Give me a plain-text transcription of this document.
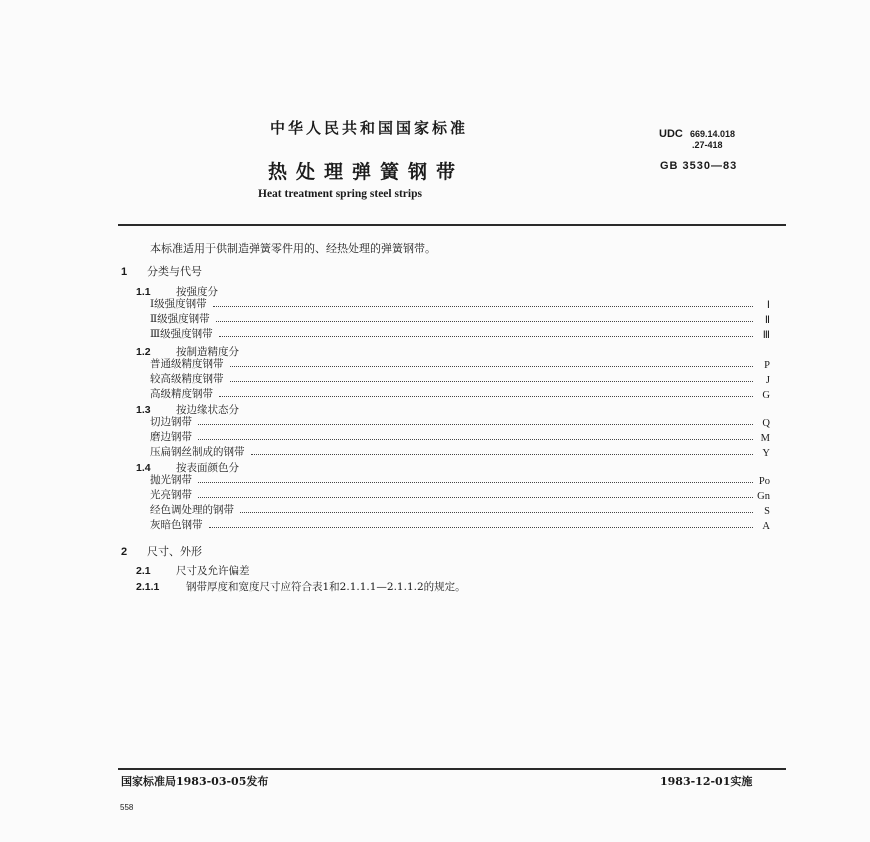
中华人民共和国国家标准
热处理弹簧钢带
Heat treatment spring steel strips
UDC 669.14.018
.27-418
GB 3530—83
本标准适用于供制造弹簧零件用的、经热处理的弹簧钢带。
1 分类与代号
1.1 按强度分
Ⅰ级强度钢带	Ⅰ
Ⅱ级强度钢带	Ⅱ
Ⅲ级强度钢带	Ⅲ
1.2 按制造精度分
普通级精度钢带	P
较高级精度钢带	J
高级精度钢带	G
1.3 按边缘状态分
切边钢带	Q
磨边钢带	M
压扁钢丝制成的钢带	Y
1.4 按表面颜色分
抛光钢带	Po
光亮钢带	Gn
经色调处理的钢带	S
灰暗色钢带	A
2 尺寸、外形
2.1 尺寸及允许偏差
2.1.1	钢带厚度和宽度尺寸应符合表1和2.1.1.1—2.1.1.2的规定。
国家标准局1983-03-05发布	1983-12-01实施
558
